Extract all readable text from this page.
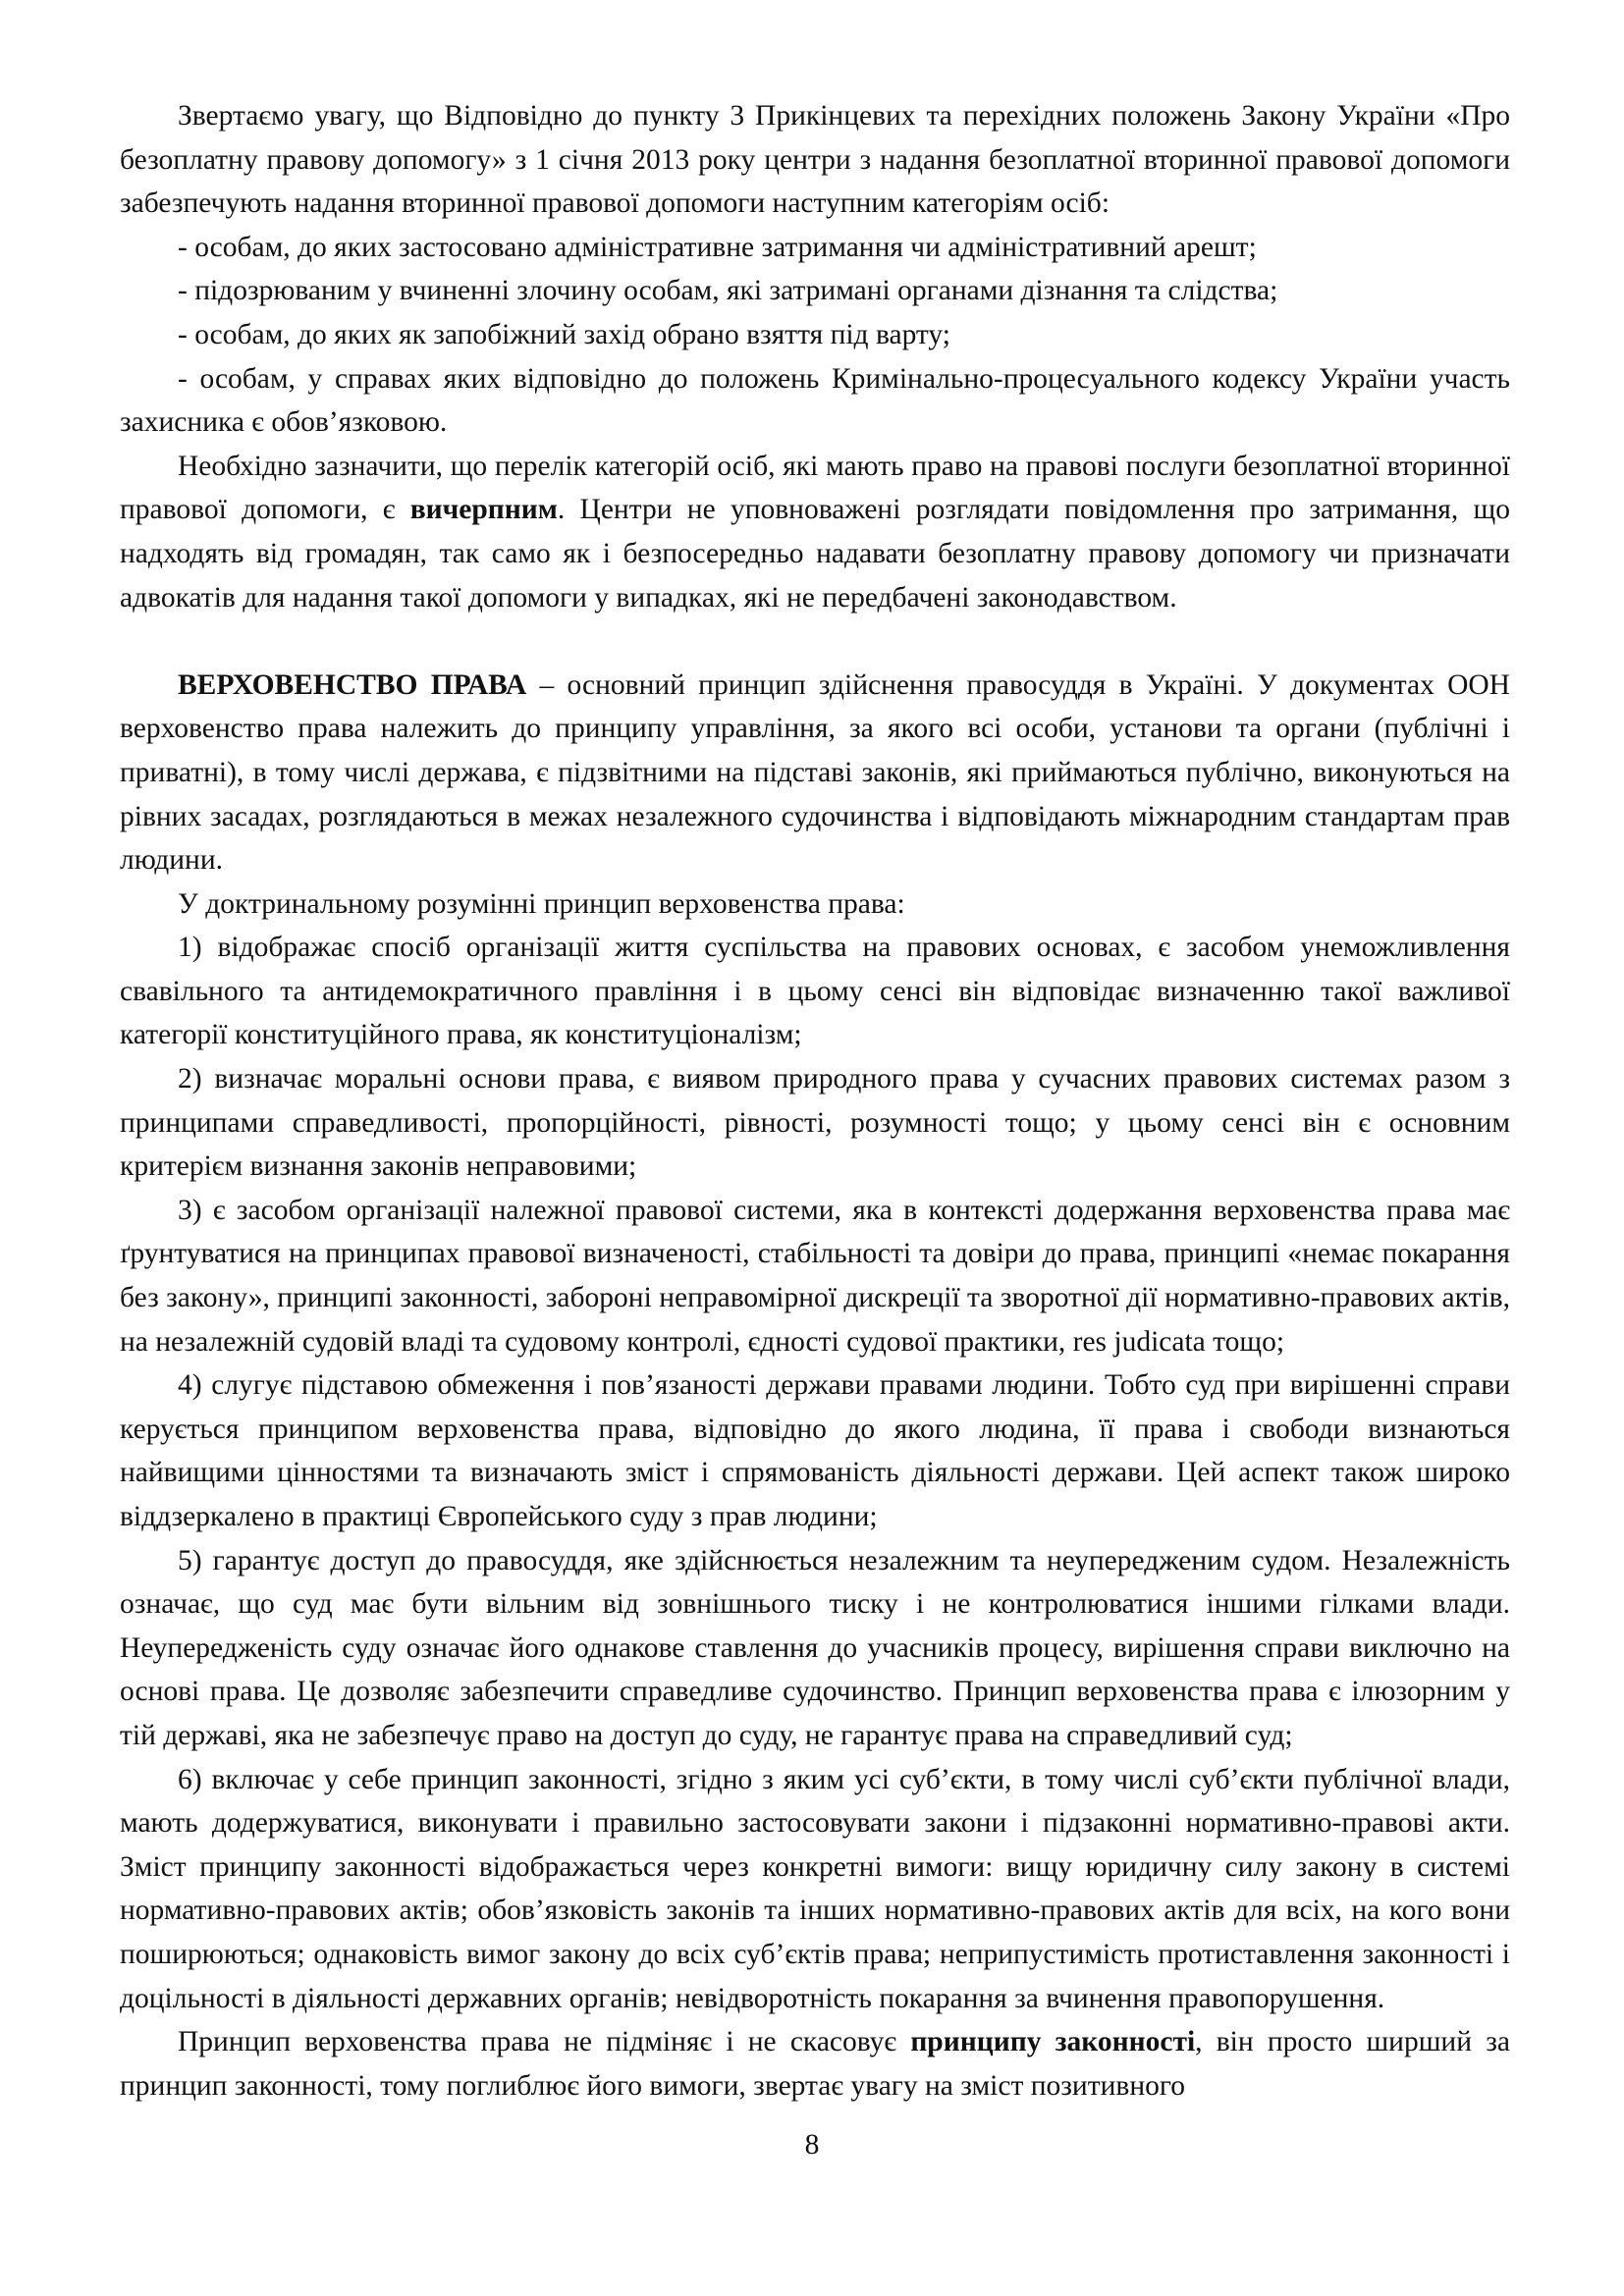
Звертаємо увагу, що Відповідно до пункту 3 Прикінцевих та перехідних положень Закону України «Про безоплатну правову допомогу» з 1 січня 2013 року центри з надання безоплатної вторинної правової допомоги забезпечують надання вторинної правової допомоги наступним категоріям осіб:

- особам, до яких застосовано адміністративне затримання чи адміністративний арешт;

- підозрюваним у вчиненні злочину особам, які затримані органами дізнання та слідства;

- особам, до яких як запобіжний захід обрано взяття під варту;

- особам, у справах яких відповідно до положень Кримінально-процесуального кодексу України участь захисника є обов’язковою.

Необхідно зазначити, що перелік категорій осіб, які мають право на правові послуги безоплатної вторинної правової допомоги, є вичерпним. Центри не уповноважені розглядати повідомлення про затримання, що надходять від громадян, так само як і безпосередньо надавати безоплатну правову допомогу чи призначати адвокатів для надання такої допомоги у випадках, які не передбачені законодавством.

ВЕРХОВЕНСТВО ПРАВА – основний принцип здійснення правосуддя в Україні. У документах ООН верховенство права належить до принципу управління, за якого всі особи, установи та органи (публічні і приватні), в тому числі держава, є підзвітними на підставі законів, які приймаються публічно, виконуються на рівних засадах, розглядаються в межах незалежного судочинства і відповідають міжнародним стандартам прав людини.

У доктринальному розумінні принцип верховенства права:

1) відображає спосіб організації життя суспільства на правових основах, є засобом унеможливлення свавільного та антидемократичного правління і в цьому сенсі він відповідає визначенню такої важливої категорії конституційного права, як конституціоналізм;

2) визначає моральні основи права, є виявом природного права у сучасних правових системах разом з принципами справедливості, пропорційності, рівності, розумності тощо; у цьому сенсі він є основним критерієм визнання законів неправовими;

3) є засобом організації належної правової системи, яка в контексті додержання верховенства права має ґрунтуватися на принципах правової визначеності, стабільності та довіри до права, принципі «немає покарання без закону», принципі законності, забороні неправомірної дискреції та зворотної дії нормативно-правових актів, на незалежній судовій владі та судовому контролі, єдності судової практики, res judicata тощо;

4) слугує підставою обмеження і пов’язаності держави правами людини. Тобто суд при вирішенні справи керується принципом верховенства права, відповідно до якого людина, її права і свободи визнаються найвищими цінностями та визначають зміст і спрямованість діяльності держави. Цей аспект також широко віддзеркалено в практиці Європейського суду з прав людини;

5) гарантує доступ до правосуддя, яке здійснюється незалежним та неупередженим судом. Незалежність означає, що суд має бути вільним від зовнішнього тиску і не контролюватися іншими гілками влади. Неупередженість суду означає його однакове ставлення до учасників процесу, вирішення справи виключно на основі права. Це дозволяє забезпечити справедливе судочинство. Принцип верховенства права є ілюзорним у тій державі, яка не забезпечує право на доступ до суду, не гарантує права на справедливий суд;

6) включає у себе принцип законності, згідно з яким усі суб’єкти, в тому числі суб’єкти публічної влади, мають додержуватися, виконувати і правильно застосовувати закони і підзаконні нормативно-правові акти. Зміст принципу законності відображається через конкретні вимоги: вищу юридичну силу закону в системі нормативно-правових актів; обов’язковість законів та інших нормативно-правових актів для всіх, на кого вони поширюються; однаковість вимог закону до всіх суб’єктів права; неприпустимість протиставлення законності і доцільності в діяльності державних органів; невідворотність покарання за вчинення правопорушення.

Принцип верховенства права не підміняє і не скасовує принципу законності, він просто ширший за принцип законності, тому поглиблює його вимоги, звертає увагу на зміст позитивного

8
